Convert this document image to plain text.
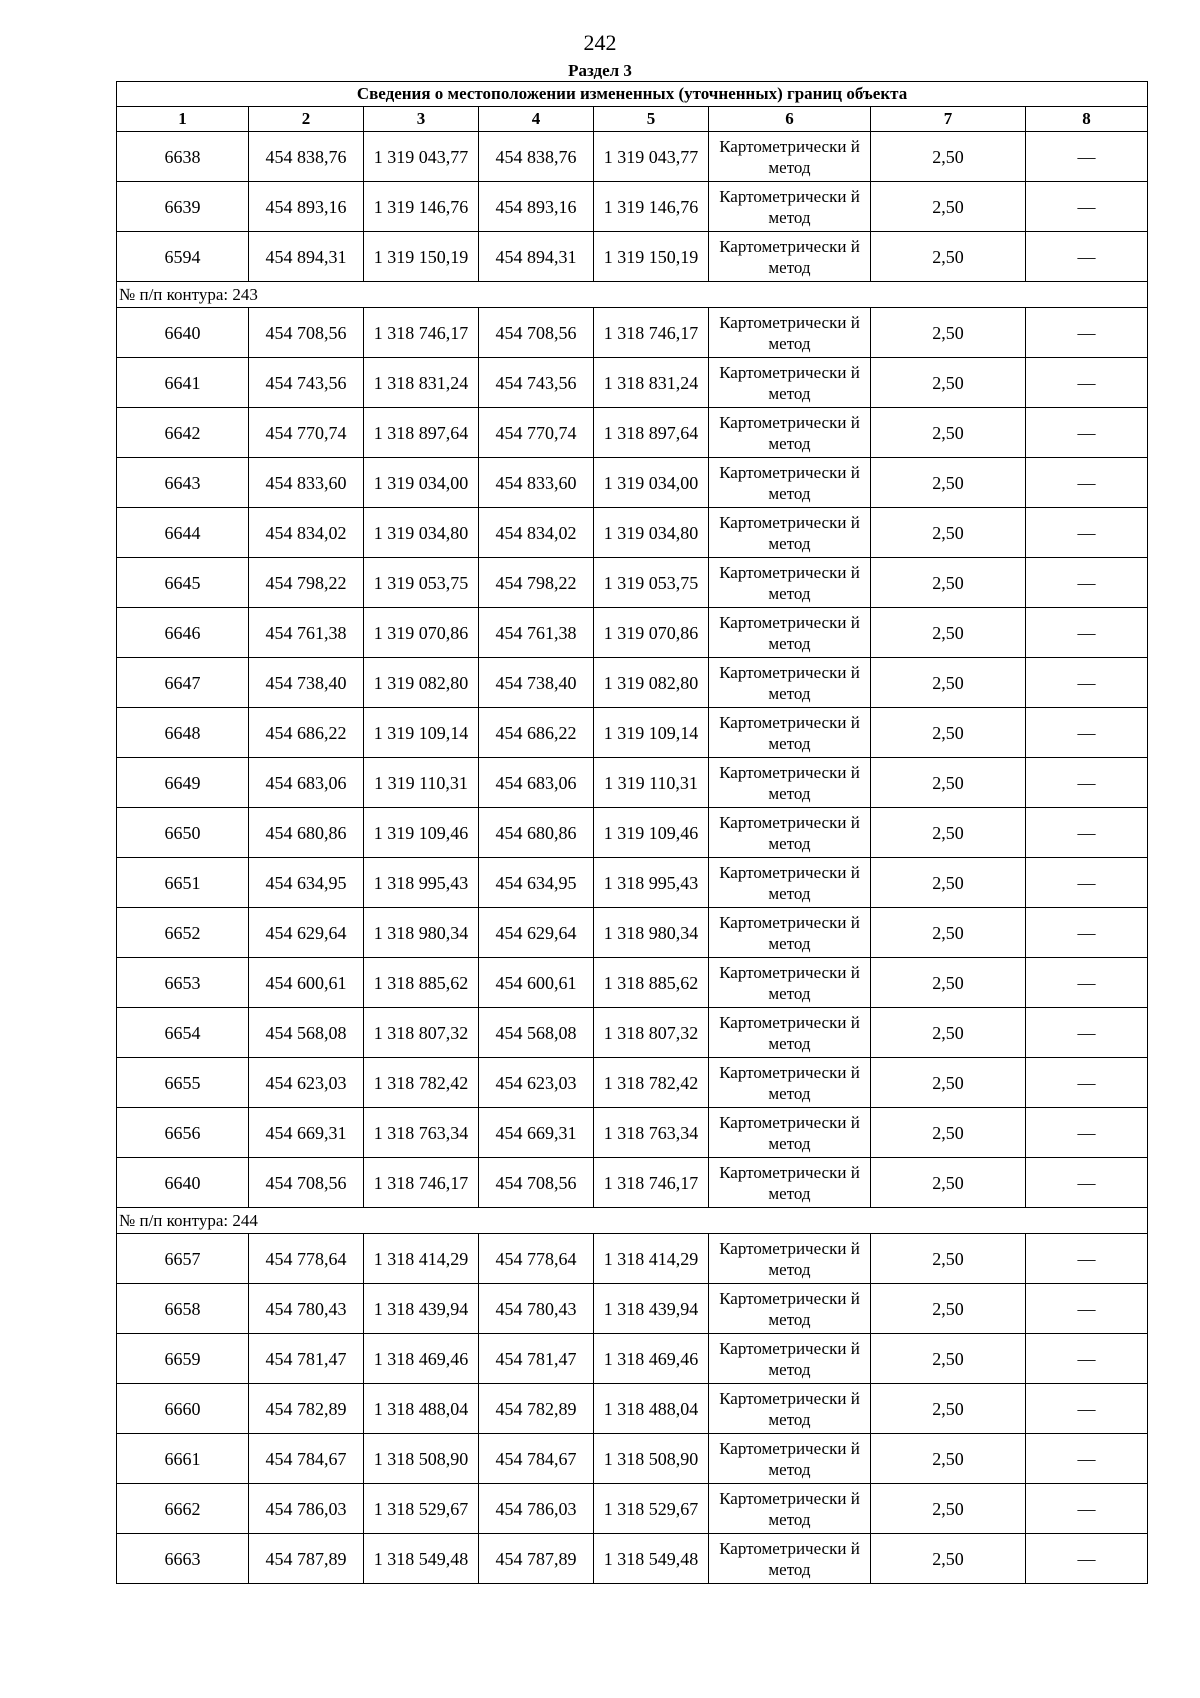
242
Раздел 3
Сведения о местоположении измененных (уточненных) границ объекта							
1	2	3	4	5	6	7	8
6638	454 838,76	1 319 043,77	454 838,76	1 319 043,77	Картометрически й метод	2,50	—
6639	454 893,16	1 319 146,76	454 893,16	1 319 146,76	Картометрически й метод	2,50	—
6594	454 894,31	1 319 150,19	454 894,31	1 319 150,19	Картометрически й метод	2,50	—
№ п/п контура: 243							
6640	454 708,56	1 318 746,17	454 708,56	1 318 746,17	Картометрически й метод	2,50	—
6641	454 743,56	1 318 831,24	454 743,56	1 318 831,24	Картометрически й метод	2,50	—
6642	454 770,74	1 318 897,64	454 770,74	1 318 897,64	Картометрически й метод	2,50	—
6643	454 833,60	1 319 034,00	454 833,60	1 319 034,00	Картометрически й метод	2,50	—
6644	454 834,02	1 319 034,80	454 834,02	1 319 034,80	Картометрически й метод	2,50	—
6645	454 798,22	1 319 053,75	454 798,22	1 319 053,75	Картометрически й метод	2,50	—
6646	454 761,38	1 319 070,86	454 761,38	1 319 070,86	Картометрически й метод	2,50	—
6647	454 738,40	1 319 082,80	454 738,40	1 319 082,80	Картометрически й метод	2,50	—
6648	454 686,22	1 319 109,14	454 686,22	1 319 109,14	Картометрически й метод	2,50	—
6649	454 683,06	1 319 110,31	454 683,06	1 319 110,31	Картометрически й метод	2,50	—
6650	454 680,86	1 319 109,46	454 680,86	1 319 109,46	Картометрически й метод	2,50	—
6651	454 634,95	1 318 995,43	454 634,95	1 318 995,43	Картометрически й метод	2,50	—
6652	454 629,64	1 318 980,34	454 629,64	1 318 980,34	Картометрически й метод	2,50	—
6653	454 600,61	1 318 885,62	454 600,61	1 318 885,62	Картометрически й метод	2,50	—
6654	454 568,08	1 318 807,32	454 568,08	1 318 807,32	Картометрически й метод	2,50	—
6655	454 623,03	1 318 782,42	454 623,03	1 318 782,42	Картометрически й метод	2,50	—
6656	454 669,31	1 318 763,34	454 669,31	1 318 763,34	Картометрически й метод	2,50	—
6640	454 708,56	1 318 746,17	454 708,56	1 318 746,17	Картометрически й метод	2,50	—
№ п/п контура: 244							
6657	454 778,64	1 318 414,29	454 778,64	1 318 414,29	Картометрически й метод	2,50	—
6658	454 780,43	1 318 439,94	454 780,43	1 318 439,94	Картометрически й метод	2,50	—
6659	454 781,47	1 318 469,46	454 781,47	1 318 469,46	Картометрически й метод	2,50	—
6660	454 782,89	1 318 488,04	454 782,89	1 318 488,04	Картометрически й метод	2,50	—
6661	454 784,67	1 318 508,90	454 784,67	1 318 508,90	Картометрически й метод	2,50	—
6662	454 786,03	1 318 529,67	454 786,03	1 318 529,67	Картометрически й метод	2,50	—
6663	454 787,89	1 318 549,48	454 787,89	1 318 549,48	Картометрически й метод	2,50	—
